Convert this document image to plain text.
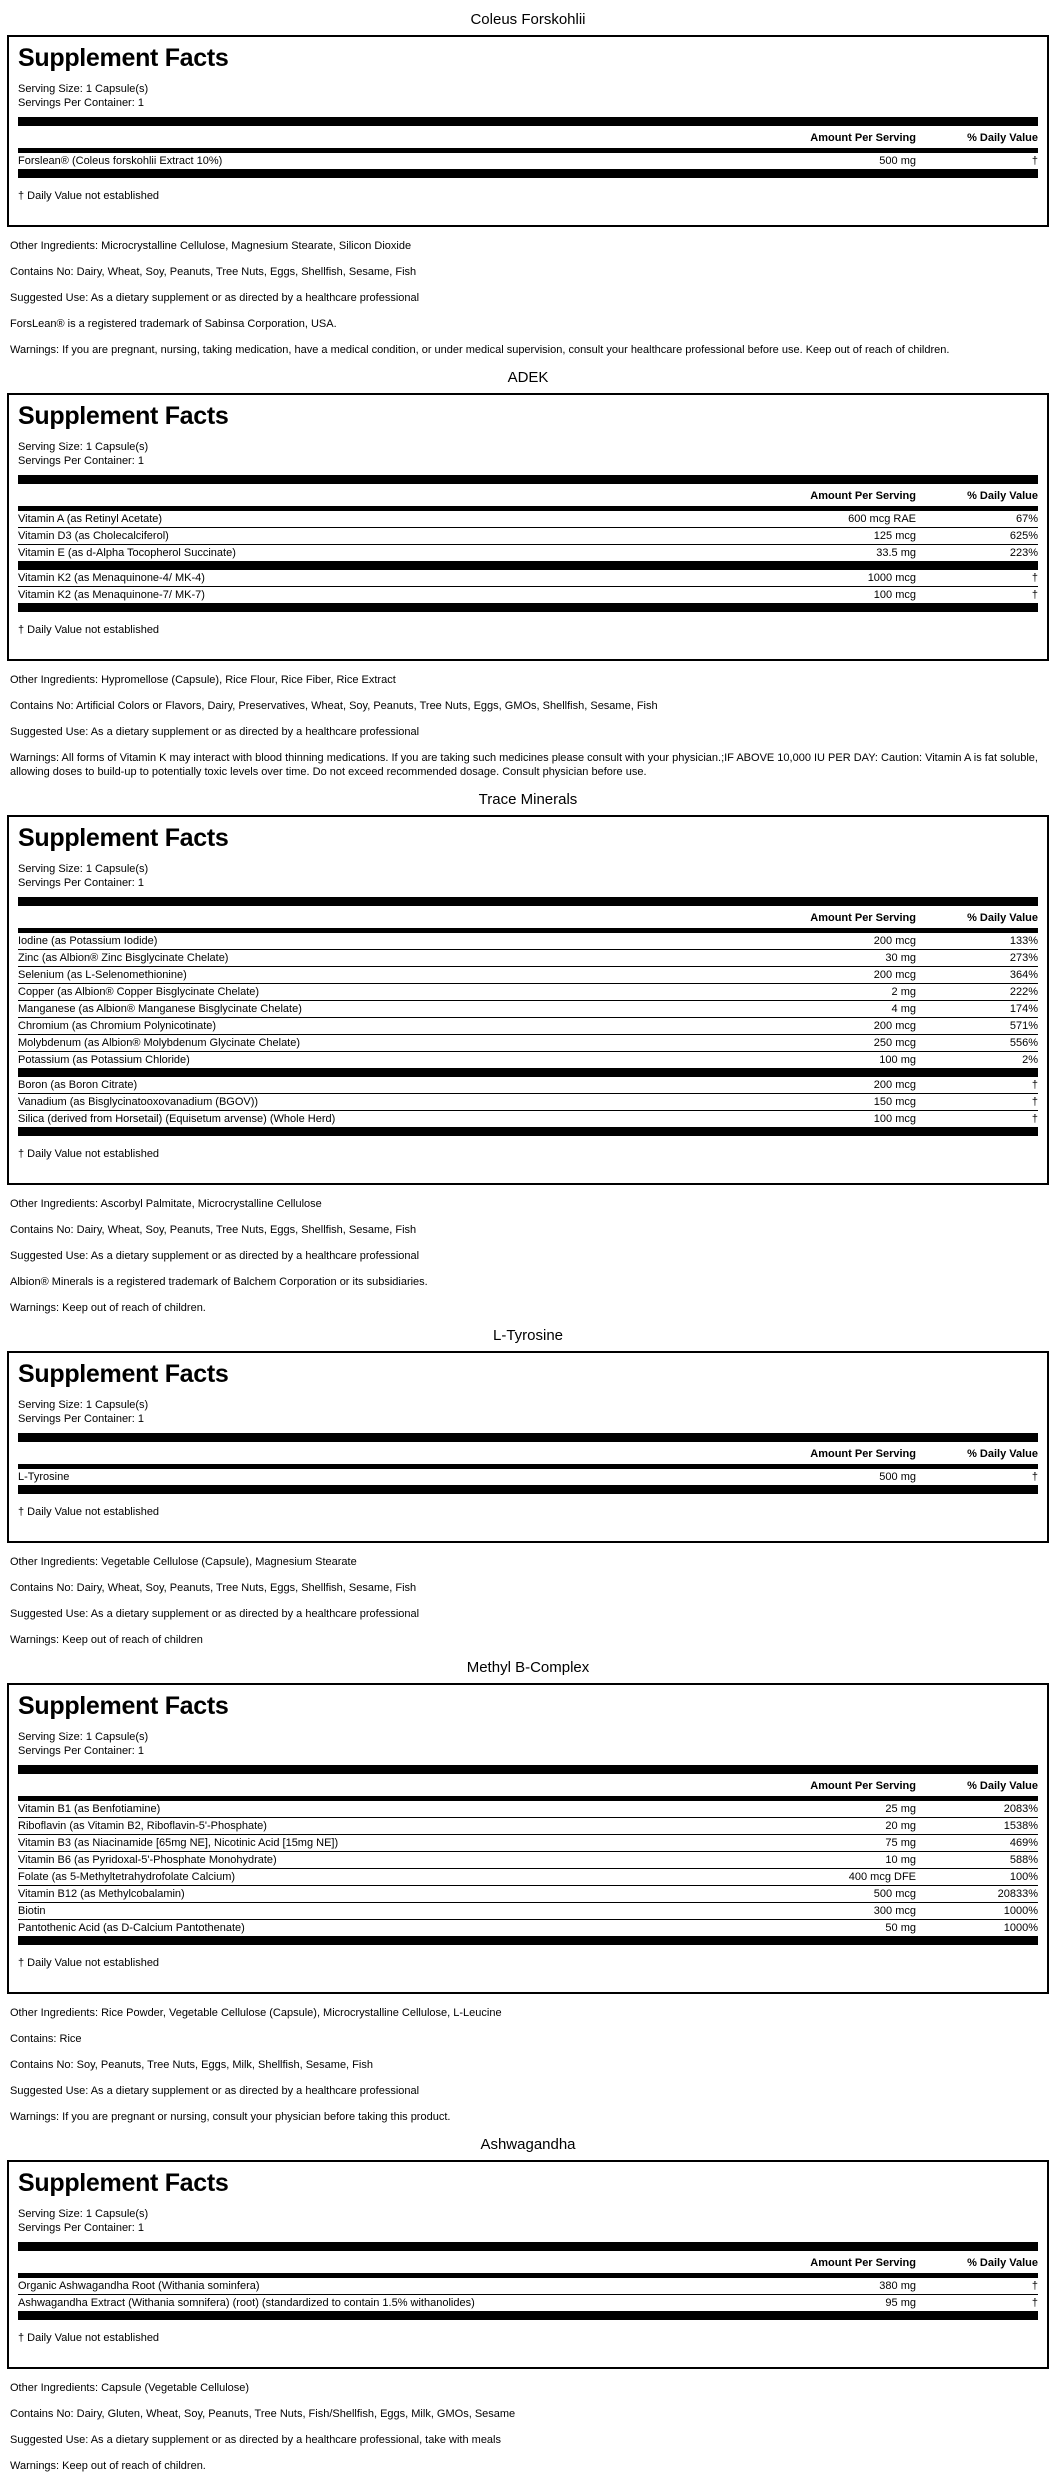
Coleus Forskohlii
Supplement Facts
Serving Size: 1 Capsule(s)
Servings Per Container: 1
Amount Per Serving	% Daily Value
Forslean® (Coleus forskohlii Extract 10%)	500 mg	†
† Daily Value not established

Other Ingredients: Microcrystalline Cellulose, Magnesium Stearate, Silicon Dioxide

Contains No: Dairy, Wheat, Soy, Peanuts, Tree Nuts, Eggs, Shellfish, Sesame, Fish

Suggested Use: As a dietary supplement or as directed by a healthcare professional

ForsLean® is a registered trademark of Sabinsa Corporation, USA.

Warnings: If you are pregnant, nursing, taking medication, have a medical condition, or under medical supervision, consult your healthcare professional before use. Keep out of reach of children.

ADEK
Supplement Facts
Serving Size: 1 Capsule(s)
Servings Per Container: 1
Amount Per Serving	% Daily Value
Vitamin A (as Retinyl Acetate)	600 mcg RAE	67%
Vitamin D3 (as Cholecalciferol)	125 mcg	625%
Vitamin E (as d-Alpha Tocopherol Succinate)	33.5 mg	223%
Vitamin K2 (as Menaquinone-4/ MK-4)	1000 mcg	†
Vitamin K2 (as Menaquinone-7/ MK-7)	100 mcg	†
† Daily Value not established

Other Ingredients: Hypromellose (Capsule), Rice Flour, Rice Fiber, Rice Extract

Contains No: Artificial Colors or Flavors, Dairy, Preservatives, Wheat, Soy, Peanuts, Tree Nuts, Eggs, GMOs, Shellfish, Sesame, Fish

Suggested Use: As a dietary supplement or as directed by a healthcare professional

Warnings: All forms of Vitamin K may interact with blood thinning medications. If you are taking such medicines please consult with your physician.;IF ABOVE 10,000 IU PER DAY: Caution: Vitamin A is fat soluble, allowing doses to build-up to potentially toxic levels over time. Do not exceed recommended dosage. Consult physician before use.

Trace Minerals
Supplement Facts
Serving Size: 1 Capsule(s)
Servings Per Container: 1
Amount Per Serving	% Daily Value
Iodine (as Potassium Iodide)	200 mcg	133%
Zinc (as Albion® Zinc Bisglycinate Chelate)	30 mg	273%
Selenium (as L-Selenomethionine)	200 mcg	364%
Copper (as Albion® Copper Bisglycinate Chelate)	2 mg	222%
Manganese (as Albion® Manganese Bisglycinate Chelate)	4 mg	174%
Chromium (as Chromium Polynicotinate)	200 mcg	571%
Molybdenum (as Albion® Molybdenum Glycinate Chelate)	250 mcg	556%
Potassium (as Potassium Chloride)	100 mg	2%
Boron (as Boron Citrate)	200 mcg	†
Vanadium (as Bisglycinatooxovanadium (BGOV))	150 mcg	†
Silica (derived from Horsetail) (Equisetum arvense) (Whole Herd)	100 mcg	†
† Daily Value not established

Other Ingredients: Ascorbyl Palmitate, Microcrystalline Cellulose

Contains No: Dairy, Wheat, Soy, Peanuts, Tree Nuts, Eggs, Shellfish, Sesame, Fish

Suggested Use: As a dietary supplement or as directed by a healthcare professional

Albion® Minerals is a registered trademark of Balchem Corporation or its subsidiaries.

Warnings: Keep out of reach of children.

L-Tyrosine
Supplement Facts
Serving Size: 1 Capsule(s)
Servings Per Container: 1
Amount Per Serving	% Daily Value
L-Tyrosine	500 mg	†
† Daily Value not established

Other Ingredients: Vegetable Cellulose (Capsule), Magnesium Stearate

Contains No: Dairy, Wheat, Soy, Peanuts, Tree Nuts, Eggs, Shellfish, Sesame, Fish

Suggested Use: As a dietary supplement or as directed by a healthcare professional

Warnings: Keep out of reach of children

Methyl B-Complex
Supplement Facts
Serving Size: 1 Capsule(s)
Servings Per Container: 1
Amount Per Serving	% Daily Value
Vitamin B1 (as Benfotiamine)	25 mg	2083%
Riboflavin (as Vitamin B2, Riboflavin-5'-Phosphate)	20 mg	1538%
Vitamin B3 (as Niacinamide [65mg NE], Nicotinic Acid [15mg NE])	75 mg	469%
Vitamin B6 (as Pyridoxal-5'-Phosphate Monohydrate)	10 mg	588%
Folate (as 5-Methyltetrahydrofolate Calcium)	400 mcg DFE	100%
Vitamin B12 (as Methylcobalamin)	500 mcg	20833%
Biotin	300 mcg	1000%
Pantothenic Acid (as D-Calcium Pantothenate)	50 mg	1000%
† Daily Value not established

Other Ingredients: Rice Powder, Vegetable Cellulose (Capsule), Microcrystalline Cellulose, L-Leucine

Contains: Rice

Contains No: Soy, Peanuts, Tree Nuts, Eggs, Milk, Shellfish, Sesame, Fish

Suggested Use: As a dietary supplement or as directed by a healthcare professional

Warnings: If you are pregnant or nursing, consult your physician before taking this product.

Ashwagandha
Supplement Facts
Serving Size: 1 Capsule(s)
Servings Per Container: 1
Amount Per Serving	% Daily Value
Organic Ashwagandha Root (Withania sominfera)	380 mg	†
Ashwagandha Extract (Withania somnifera) (root) (standardized to contain 1.5% withanolides)	95 mg	†
† Daily Value not established

Other Ingredients: Capsule (Vegetable Cellulose)

Contains No: Dairy, Gluten, Wheat, Soy, Peanuts, Tree Nuts, Fish/Shellfish, Eggs, Milk, GMOs, Sesame

Suggested Use: As a dietary supplement or as directed by a healthcare professional, take with meals

Warnings: Keep out of reach of children.
